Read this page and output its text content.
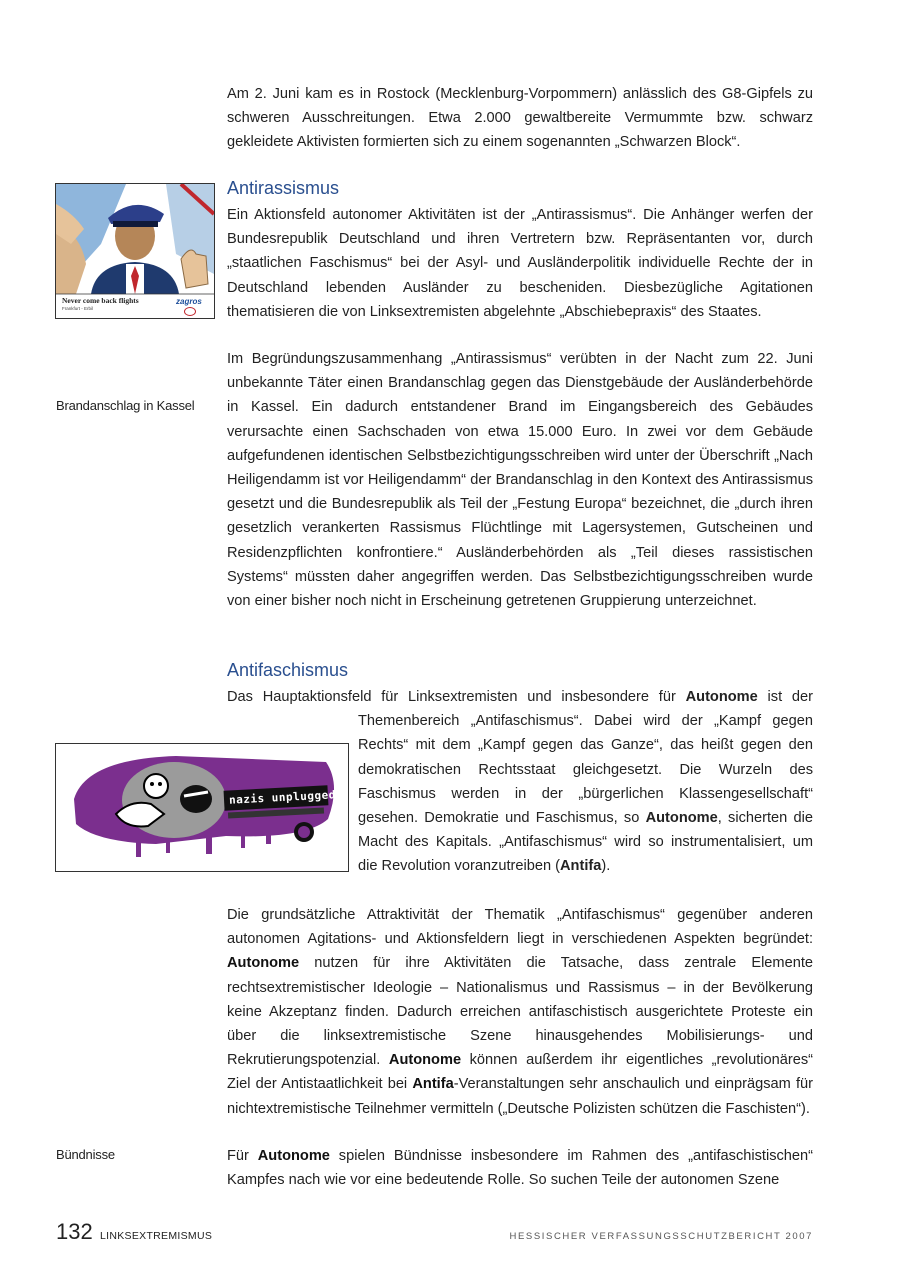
Am 2. Juni kam es in Rostock (Mecklenburg-Vorpommern) anlässlich des G8-Gipfels zu schweren Ausschreitungen. Etwa 2.000 gewaltbereite Vermummte bzw. schwarz gekleidete Aktivisten formierten sich zu einem sogenannten „Schwarzen Block“.

Antirassismus
Never come back flights
Frankfurt - Erbil
zagros

Ein Aktionsfeld autonomer Aktivitäten ist der „Antirassismus“. Die Anhänger werfen der Bundesrepublik Deutschland und ihren Vertretern bzw. Repräsentanten vor, durch „staatlichen Faschismus“ bei der Asyl- und Ausländerpolitik individuelle Rechte der in Deutschland lebenden Ausländer zu bescheniden. Diesbezügliche Agitationen thematisieren die von Linksextremisten abgelehnte „Abschiebepraxis“ des Staates.

Brandanschlag in Kassel

Im Begründungszusammenhang „Antirassismus“ verübten in der Nacht zum 22. Juni unbekannte Täter einen Brandanschlag gegen das Dienstgebäude der Ausländerbehörde in Kassel. Ein dadurch entstandener Brand im Eingangsbereich des Gebäudes verursachte einen Sachschaden von etwa 15.000 Euro. In zwei vor dem Gebäude aufgefundenen identischen Selbstbezichtigungsschreiben wird unter der Überschrift „Nach Heiligendamm ist vor Heiligendamm“ der Brandanschlag in den Kontext des Antirassismus gesetzt und die Bundesrepublik als Teil der „Festung Europa“ bezeichnet, die „durch ihren gesetzlich verankerten Rassismus Flüchtlinge mit Lagersystemen, Gutscheinen und Residenzpflichten konfrontiere.“ Ausländerbehörden als „Teil dieses rassistischen Systems“ müssten daher angegriffen werden. Das Selbstbezichtigungsschreiben wurde von einer bisher noch nicht in Erscheinung getretenen Gruppierung unterzeichnet.

Antifaschismus
Das Hauptaktionsfeld für Linksextremisten und insbesondere für Autonome ist der Themenbereich „Antifaschismus“. Dabei wird der „Kampf gegen Rechts“ mit dem „Kampf gegen das Ganze“, das heißt gegen den demokratischen Rechtsstaat gleichgesetzt. Die Wurzeln des Faschismus werden in der „bürgerlichen Klassengesellschaft“ gesehen. Demokratie und Faschismus, so Autonome, sicherten die Macht des Kapitals. „Antifaschismus“ wird so instrumentalisiert, um die Revolution voranzutreiben (Antifa).
nazis unplugged

Die grundsätzliche Attraktivität der Thematik „Antifaschismus“ gegenüber anderen autonomen Agitations- und Aktionsfeldern liegt in verschiedenen Aspekten begründet: Autonome nutzen für ihre Aktivitäten die Tatsache, dass zentrale Elemente rechtsextremistischer Ideologie – Nationalismus und Rassismus – in der Bevölkerung keine Akzeptanz finden. Dadurch erreichen antifaschistisch ausgerichtete Proteste ein über die linksextremistische Szene hinausgehendes Mobilisierungs- und Rekrutierungspotenzial. Autonome können außerdem ihr eigentliches „revolutionäres“ Ziel der Antistaatlichkeit bei Antifa-Veranstaltungen sehr anschaulich und einprägsam für nichtextremistische Teilnehmer vermitteln („Deutsche Polizisten schützen die Faschisten“).

Bündnisse	Für Autonome spielen Bündnisse insbesondere im Rahmen des „antifaschistischen“ Kampfes nach wie vor eine bedeutende Rolle. So suchen Teile der autonomen Szene

132 LINKSEXTREMISMUS	HESSISCHER VERFASSUNGSSCHUTZBERICHT 2007
